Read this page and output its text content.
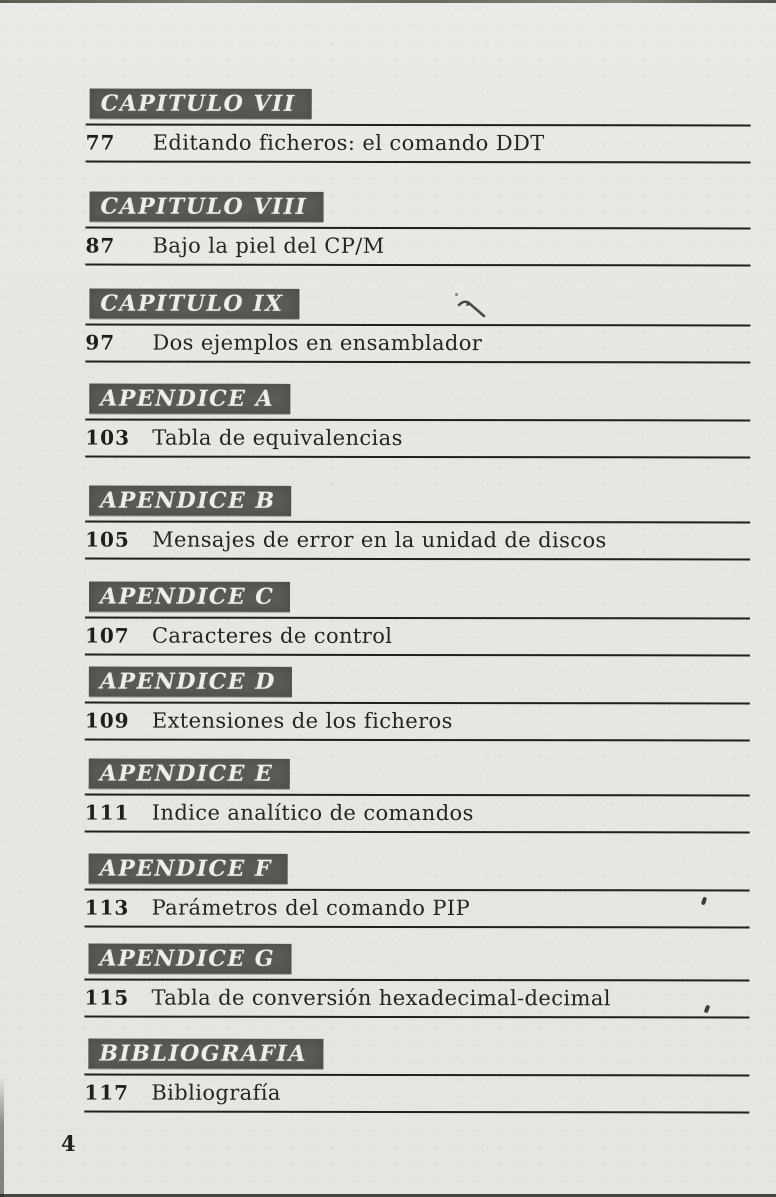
CAPITULO VII
77	Editando ficheros: el comando DDT
CAPITULO VIII
87	Bajo la piel del CP/M
CAPITULO IX
97	Dos ejemplos en ensamblador
APENDICE A
103	Tabla de equivalencias
APENDICE B
105	Mensajes de error en la unidad de discos
APENDICE C
107	Caracteres de control
APENDICE D
109	Extensiones de los ficheros
APENDICE E
111	Indice analítico de comandos
APENDICE F
113	Parámetros del comando PIP
APENDICE G
115	Tabla de conversión hexadecimal-decimal
BIBLIOGRAFIA
117	Bibliografía
4
